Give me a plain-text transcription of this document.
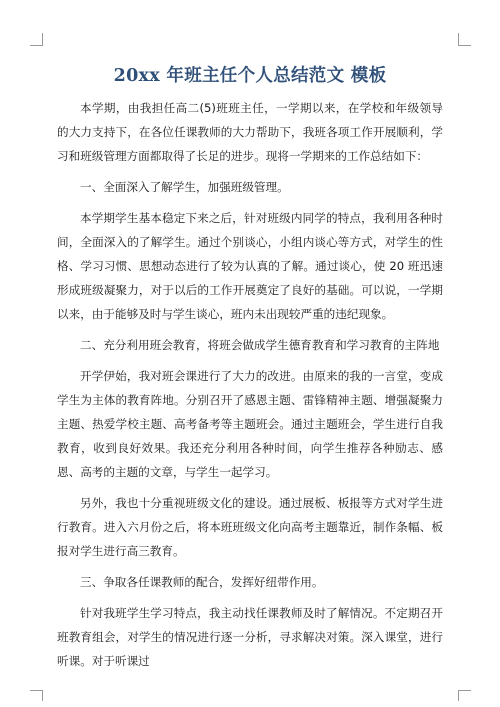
20xx 年班主任个人总结范文 模板

本学期，由我担任高二(5)班班主任，一学期以来，在学校和年级领导的大力支持下，在各位任课教师的大力帮助下，我班各项工作开展顺利，学习和班级管理方面都取得了长足的进步。现将一学期来的工作总结如下：

一、全面深入了解学生，加强班级管理。

本学期学生基本稳定下来之后，针对班级内同学的特点，我利用各种时间，全面深入的了解学生。通过个别谈心，小组内谈心等方式，对学生的性格、学习习惯、思想动态进行了较为认真的了解。通过谈心，使 20 班迅速形成班级凝聚力，对于以后的工作开展奠定了良好的基础。可以说，一学期以来，由于能够及时与学生谈心，班内未出现较严重的违纪现象。

二、充分利用班会教育，将班会做成学生德育教育和学习教育的主阵地

开学伊始，我对班会课进行了大力的改进。由原来的我的一言堂，变成学生为主体的教育阵地。分别召开了感恩主题、雷锋精神主题、增强凝聚力主题、热爱学校主题、高考备考等主题班会。通过主题班会，学生进行自我教育，收到良好效果。我还充分利用各种时间，向学生推荐各种励志、感恩、高考的主题的文章，与学生一起学习。

另外，我也十分重视班级文化的建设。通过展板、板报等方式对学生进行教育。进入六月份之后，将本班班级文化向高考主题靠近，制作条幅、板报对学生进行高三教育。

三、争取各任课教师的配合，发挥好纽带作用。

针对我班学生学习特点，我主动找任课教师及时了解情况。不定期召开班教育组会，对学生的情况进行逐一分析，寻求解决对策。深入课堂，进行听课。对于听课过
